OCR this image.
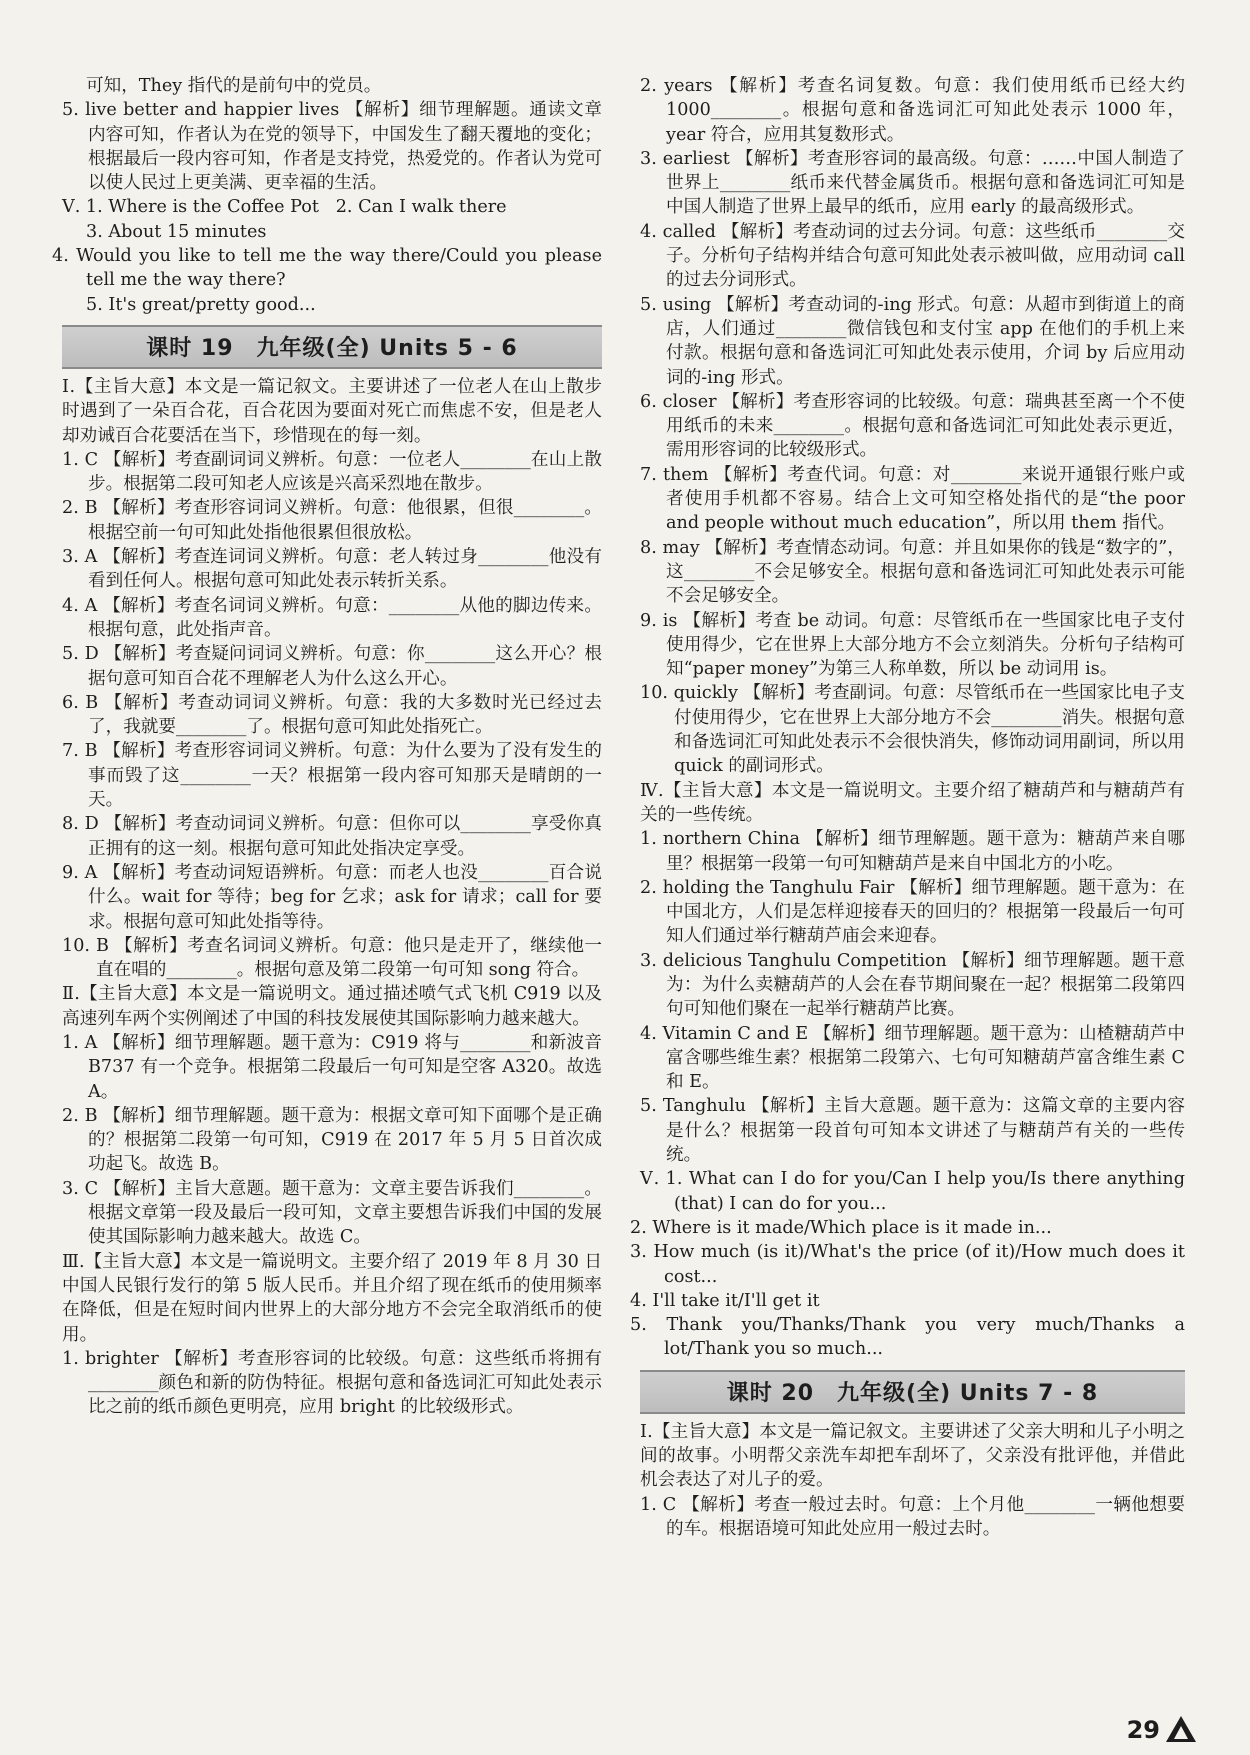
可知，They 指代的是前句中的党员。
5. live better and happier lives 【解析】细节理解题。通读文章内容可知，作者认为在党的领导下，中国发生了翻天覆地的变化；根据最后一段内容可知，作者是支持党，热爱党的。作者认为党可以使人民过上更美满、更幸福的生活。
Ⅴ. 1. Where is the Coffee Pot   2. Can I walk there
3. About 15 minutes
4. Would you like to tell me the way there/Could you please tell me the way there?
5. It's great/pretty good...
课时 19　九年级(全) Units 5 - 6
Ⅰ.【主旨大意】本文是一篇记叙文。主要讲述了一位老人在山上散步时遇到了一朵百合花，百合花因为要面对死亡而焦虑不安，但是老人却劝诫百合花要活在当下，珍惜现在的每一刻。
1. C 【解析】考查副词词义辨析。句意：一位老人________在山上散步。根据第二段可知老人应该是兴高采烈地在散步。
2. B 【解析】考查形容词词义辨析。句意：他很累，但很________。根据空前一句可知此处指他很累但很放松。
3. A 【解析】考查连词词义辨析。句意：老人转过身________他没有看到任何人。根据句意可知此处表示转折关系。
4. A 【解析】考查名词词义辨析。句意：________从他的脚边传来。根据句意，此处指声音。
5. D 【解析】考查疑问词词义辨析。句意：你________这么开心？根据句意可知百合花不理解老人为什么这么开心。
6. B 【解析】考查动词词义辨析。句意：我的大多数时光已经过去了，我就要________了。根据句意可知此处指死亡。
7. B 【解析】考查形容词词义辨析。句意：为什么要为了没有发生的事而毁了这________一天？根据第一段内容可知那天是晴朗的一天。
8. D 【解析】考查动词词义辨析。句意：但你可以________享受你真正拥有的这一刻。根据句意可知此处指决定享受。
9. A 【解析】考查动词短语辨析。句意：而老人也没________百合说什么。wait for 等待；beg for 乞求；ask for 请求；call for 要求。根据句意可知此处指等待。
10. B 【解析】考查名词词义辨析。句意：他只是走开了，继续他一直在唱的________。根据句意及第二段第一句可知 song 符合。
Ⅱ.【主旨大意】本文是一篇说明文。通过描述喷气式飞机 C919 以及高速列车两个实例阐述了中国的科技发展使其国际影响力越来越大。
1. A 【解析】细节理解题。题干意为：C919 将与________和新波音 B737 有一个竞争。根据第二段最后一句可知是空客 A320。故选 A。
2. B 【解析】细节理解题。题干意为：根据文章可知下面哪个是正确的？根据第二段第一句可知，C919 在 2017 年 5 月 5 日首次成功起飞。故选 B。
3. C 【解析】主旨大意题。题干意为：文章主要告诉我们________。根据文章第一段及最后一段可知，文章主要想告诉我们中国的发展使其国际影响力越来越大。故选 C。
Ⅲ.【主旨大意】本文是一篇说明文。主要介绍了 2019 年 8 月 30 日中国人民银行发行的第 5 版人民币。并且介绍了现在纸币的使用频率在降低，但是在短时间内世界上的大部分地方不会完全取消纸币的使用。
1. brighter 【解析】考查形容词的比较级。句意：这些纸币将拥有________颜色和新的防伪特征。根据句意和备选词汇可知此处表示比之前的纸币颜色更明亮，应用 bright 的比较级形式。
2. years 【解析】考查名词复数。句意：我们使用纸币已经大约 1000________。根据句意和备选词汇可知此处表示 1000 年，year 符合，应用其复数形式。
3. earliest 【解析】考查形容词的最高级。句意：……中国人制造了世界上________纸币来代替金属货币。根据句意和备选词汇可知是中国人制造了世界上最早的纸币，应用 early 的最高级形式。
4. called 【解析】考查动词的过去分词。句意：这些纸币________交子。分析句子结构并结合句意可知此处表示被叫做，应用动词 call 的过去分词形式。
5. using 【解析】考查动词的-ing 形式。句意：从超市到街道上的商店，人们通过________微信钱包和支付宝 app 在他们的手机上来付款。根据句意和备选词汇可知此处表示使用，介词 by 后应用动词的-ing 形式。
6. closer 【解析】考查形容词的比较级。句意：瑞典甚至离一个不使用纸币的未来________。根据句意和备选词汇可知此处表示更近，需用形容词的比较级形式。
7. them 【解析】考查代词。句意：对________来说开通银行账户或者使用手机都不容易。结合上文可知空格处指代的是“the poor and people without much education”，所以用 them 指代。
8. may 【解析】考查情态动词。句意：并且如果你的钱是“数字的”，这________不会足够安全。根据句意和备选词汇可知此处表示可能不会足够安全。
9. is 【解析】考查 be 动词。句意：尽管纸币在一些国家比电子支付使用得少，它在世界上大部分地方不会立刻消失。分析句子结构可知“paper money”为第三人称单数，所以 be 动词用 is。
10. quickly 【解析】考查副词。句意：尽管纸币在一些国家比电子支付使用得少，它在世界上大部分地方不会________消失。根据句意和备选词汇可知此处表示不会很快消失，修饰动词用副词，所以用 quick 的副词形式。
Ⅳ.【主旨大意】本文是一篇说明文。主要介绍了糖葫芦和与糖葫芦有关的一些传统。
1. northern China 【解析】细节理解题。题干意为：糖葫芦来自哪里？根据第一段第一句可知糖葫芦是来自中国北方的小吃。
2. holding the Tanghulu Fair 【解析】细节理解题。题干意为：在中国北方，人们是怎样迎接春天的回归的？根据第一段最后一句可知人们通过举行糖葫芦庙会来迎春。
3. delicious Tanghulu Competition 【解析】细节理解题。题干意为：为什么卖糖葫芦的人会在春节期间聚在一起？根据第二段第四句可知他们聚在一起举行糖葫芦比赛。
4. Vitamin C and E 【解析】细节理解题。题干意为：山楂糖葫芦中富含哪些维生素？根据第二段第六、七句可知糖葫芦富含维生素 C 和 E。
5. Tanghulu 【解析】主旨大意题。题干意为：这篇文章的主要内容是什么？根据第一段首句可知本文讲述了与糖葫芦有关的一些传统。
Ⅴ. 1. What can I do for you/Can I help you/Is there anything (that) I can do for you...
2. Where is it made/Which place is it made in...
3. How much (is it)/What's the price (of it)/How much does it cost...
4. I'll take it/I'll get it
5. Thank you/Thanks/Thank you very much/Thanks a lot/Thank you so much...
课时 20　九年级(全) Units 7 - 8
Ⅰ.【主旨大意】本文是一篇记叙文。主要讲述了父亲大明和儿子小明之间的故事。小明帮父亲洗车却把车刮坏了，父亲没有批评他，并借此机会表达了对儿子的爱。
1. C 【解析】考查一般过去时。句意：上个月他________一辆他想要的车。根据语境可知此处应用一般过去时。
29
